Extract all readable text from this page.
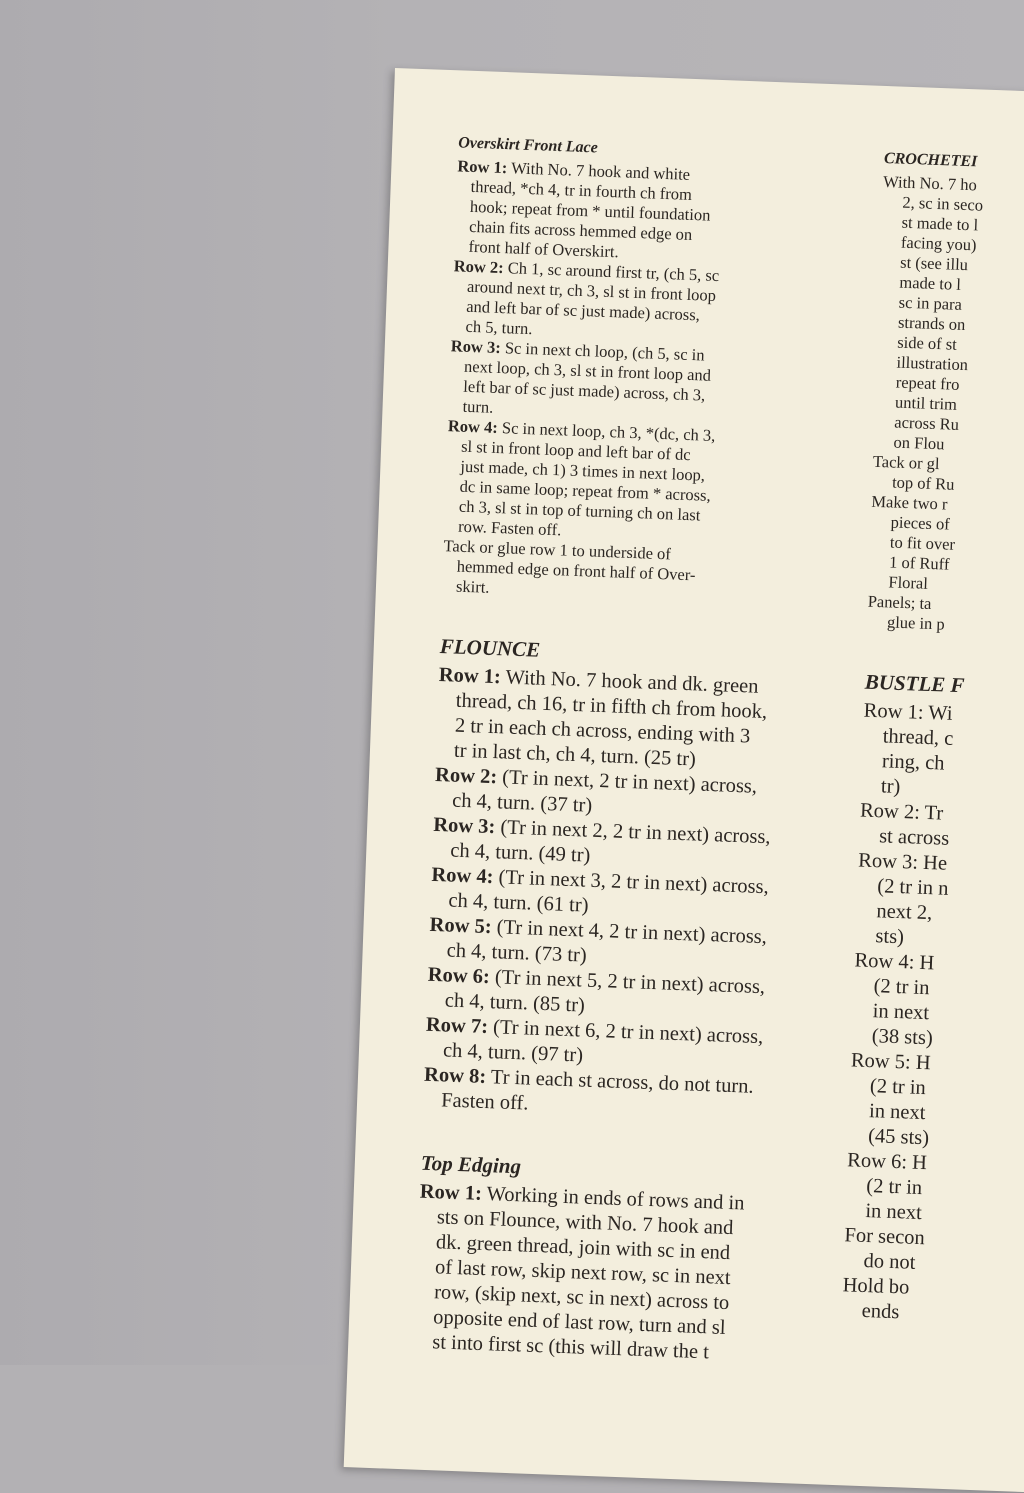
Overskirt Front Lace

Row 1: With No. 7 hook and white
thread, *ch 4, tr in fourth ch from
hook; repeat from * until foundation
chain fits across hemmed edge on
front half of Overskirt.

Row 2: Ch 1, sc around first tr, (ch 5, sc
around next tr, ch 3, sl st in front loop
and left bar of sc just made) across,
ch 5, turn.

Row 3: Sc in next ch loop, (ch 5, sc in
next loop, ch 3, sl st in front loop and
left bar of sc just made) across, ch 3,
turn.

Row 4: Sc in next loop, ch 3, *(dc, ch 3,
sl st in front loop and left bar of dc
just made, ch 1) 3 times in next loop,
dc in same loop; repeat from * across,
ch 3, sl st in top of turning ch on last
row. Fasten off.

Tack or glue row 1 to underside of
hemmed edge on front half of Over-
skirt.

FLOUNCE

Row 1: With No. 7 hook and dk. green
thread, ch 16, tr in fifth ch from hook,
2 tr in each ch across, ending with 3
tr in last ch, ch 4, turn. (25 tr)

Row 2: (Tr in next, 2 tr in next) across,
ch 4, turn. (37 tr)

Row 3: (Tr in next 2, 2 tr in next) across,
ch 4, turn. (49 tr)

Row 4: (Tr in next 3, 2 tr in next) across,
ch 4, turn. (61 tr)

Row 5: (Tr in next 4, 2 tr in next) across,
ch 4, turn. (73 tr)

Row 6: (Tr in next 5, 2 tr in next) across,
ch 4, turn. (85 tr)

Row 7: (Tr in next 6, 2 tr in next) across,
ch 4, turn. (97 tr)

Row 8: Tr in each st across, do not turn.
Fasten off.

Top Edging

Row 1: Working in ends of rows and in
sts on Flounce, with No. 7 hook and
dk. green thread, join with sc in end
of last row, skip next row, sc in next
row, (skip next, sc in next) across to
opposite end of last row, turn and sl
st into first sc (this will draw the t

CROCHETEI
With No. 7 ho
2, sc in seco
st made to l
facing you)
st (see illu
made to l
sc in para
strands on
side of st
illustration
repeat fro
until trim
across Ru
on Flou
Tack or gl
top of Ru
Make two r
pieces of
to fit over
1 of Ruff
Floral
Panels; ta
glue in p
BUSTLE F
Row 1: Wi
thread, c
ring, ch
tr)
Row 2: Tr
st across
Row 3: He
(2 tr in n
next 2,
sts)
Row 4: H
(2 tr in
in next
(38 sts)
Row 5: H
(2 tr in
in next
(45 sts)
Row 6: H
(2 tr in
in next
For secon
do not
Hold bo
ends
